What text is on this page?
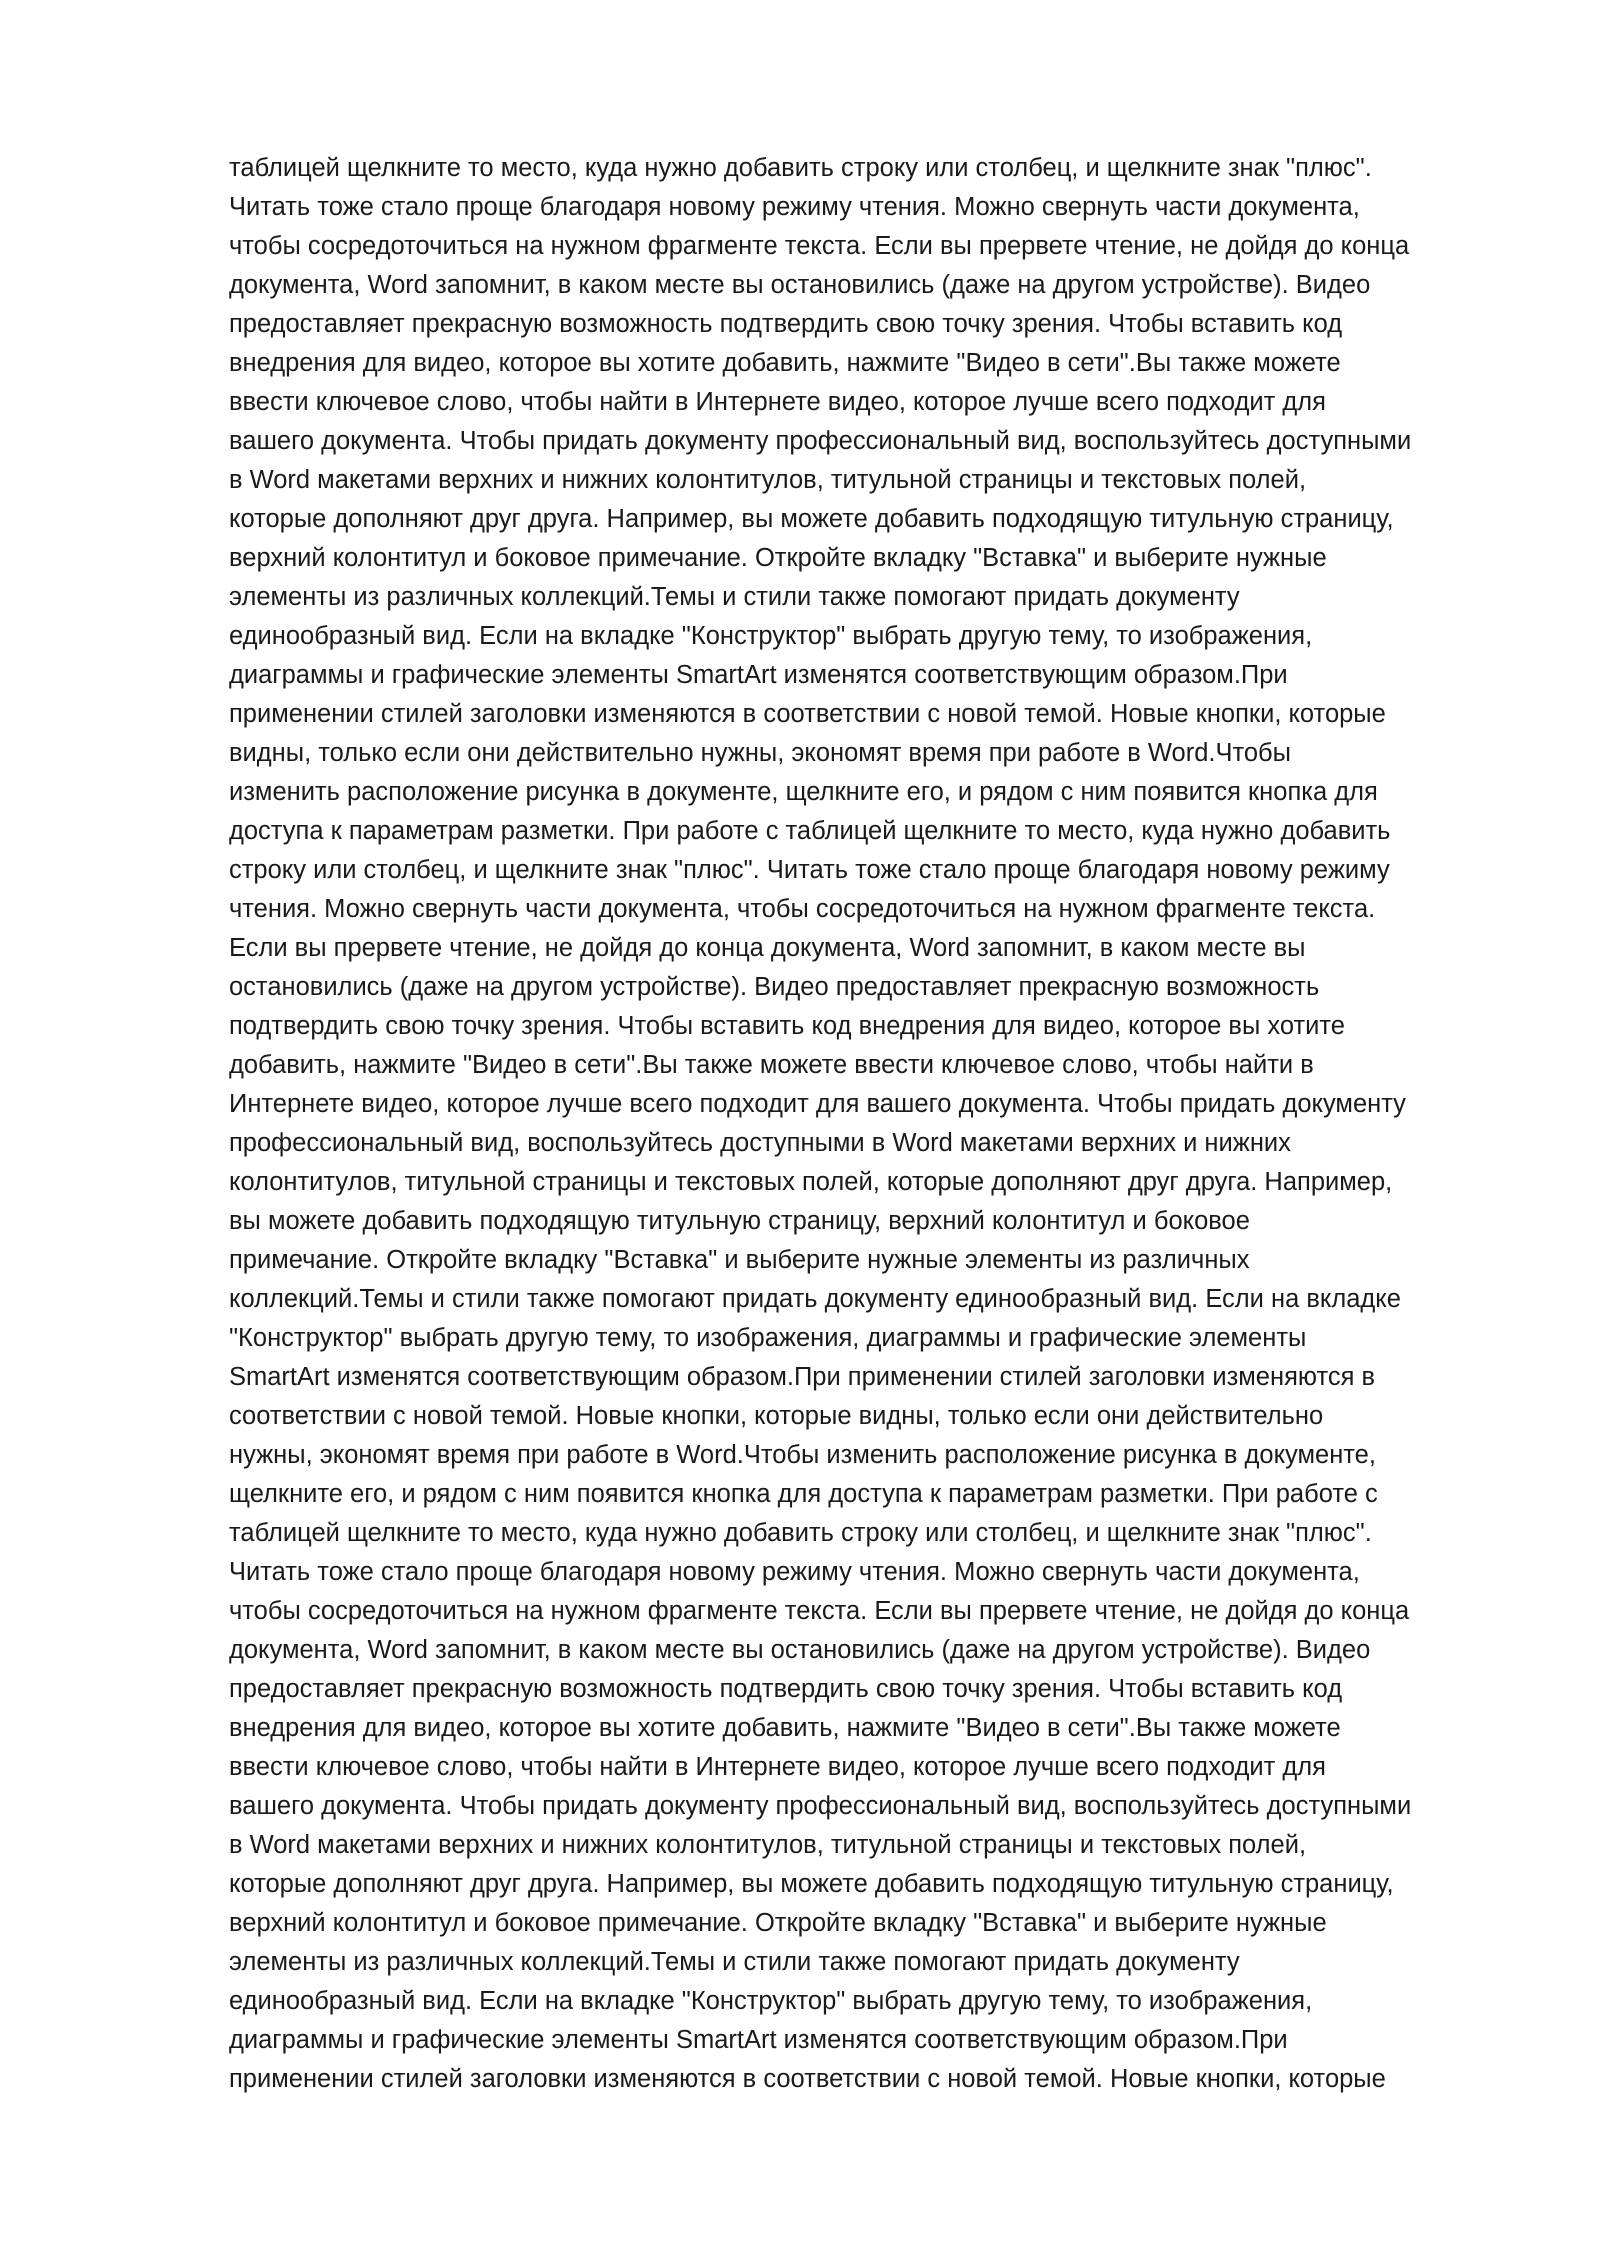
таблицей щелкните то место, куда нужно добавить строку или столбец, и щелкните знак "плюс".
Читать тоже стало проще благодаря новому режиму чтения. Можно свернуть части документа,
чтобы сосредоточиться на нужном фрагменте текста. Если вы прервете чтение, не дойдя до конца
документа, Word запомнит, в каком месте вы остановились (даже на другом устройстве). Видео
предоставляет прекрасную возможность подтвердить свою точку зрения. Чтобы вставить код
внедрения для видео, которое вы хотите добавить, нажмите "Видео в сети".Вы также можете
ввести ключевое слово, чтобы найти в Интернете видео, которое лучше всего подходит для
вашего документа. Чтобы придать документу профессиональный вид, воспользуйтесь доступными
в Word макетами верхних и нижних колонтитулов, титульной страницы и текстовых полей,
которые дополняют друг друга. Например, вы можете добавить подходящую титульную страницу,
верхний колонтитул и боковое примечание. Откройте вкладку "Вставка" и выберите нужные
элементы из различных коллекций.Темы и стили также помогают придать документу
единообразный вид. Если на вкладке "Конструктор" выбрать другую тему, то изображения,
диаграммы и графические элементы SmartArt изменятся соответствующим образом.При
применении стилей заголовки изменяются в соответствии с новой темой. Новые кнопки, которые
видны, только если они действительно нужны, экономят время при работе в Word.Чтобы
изменить расположение рисунка в документе, щелкните его, и рядом с ним появится кнопка для
доступа к параметрам разметки. При работе с таблицей щелкните то место, куда нужно добавить
строку или столбец, и щелкните знак "плюс". Читать тоже стало проще благодаря новому режиму
чтения. Можно свернуть части документа, чтобы сосредоточиться на нужном фрагменте текста.
Если вы прервете чтение, не дойдя до конца документа, Word запомнит, в каком месте вы
остановились (даже на другом устройстве). Видео предоставляет прекрасную возможность
подтвердить свою точку зрения. Чтобы вставить код внедрения для видео, которое вы хотите
добавить, нажмите "Видео в сети".Вы также можете ввести ключевое слово, чтобы найти в
Интернете видео, которое лучше всего подходит для вашего документа. Чтобы придать документу
профессиональный вид, воспользуйтесь доступными в Word макетами верхних и нижних
колонтитулов, титульной страницы и текстовых полей, которые дополняют друг друга. Например,
вы можете добавить подходящую титульную страницу, верхний колонтитул и боковое
примечание. Откройте вкладку "Вставка" и выберите нужные элементы из различных
коллекций.Темы и стили также помогают придать документу единообразный вид. Если на вкладке
"Конструктор" выбрать другую тему, то изображения, диаграммы и графические элементы
SmartArt изменятся соответствующим образом.При применении стилей заголовки изменяются в
соответствии с новой темой. Новые кнопки, которые видны, только если они действительно
нужны, экономят время при работе в Word.Чтобы изменить расположение рисунка в документе,
щелкните его, и рядом с ним появится кнопка для доступа к параметрам разметки. При работе с
таблицей щелкните то место, куда нужно добавить строку или столбец, и щелкните знак "плюс".
Читать тоже стало проще благодаря новому режиму чтения. Можно свернуть части документа,
чтобы сосредоточиться на нужном фрагменте текста. Если вы прервете чтение, не дойдя до конца
документа, Word запомнит, в каком месте вы остановились (даже на другом устройстве). Видео
предоставляет прекрасную возможность подтвердить свою точку зрения. Чтобы вставить код
внедрения для видео, которое вы хотите добавить, нажмите "Видео в сети".Вы также можете
ввести ключевое слово, чтобы найти в Интернете видео, которое лучше всего подходит для
вашего документа. Чтобы придать документу профессиональный вид, воспользуйтесь доступными
в Word макетами верхних и нижних колонтитулов, титульной страницы и текстовых полей,
которые дополняют друг друга. Например, вы можете добавить подходящую титульную страницу,
верхний колонтитул и боковое примечание. Откройте вкладку "Вставка" и выберите нужные
элементы из различных коллекций.Темы и стили также помогают придать документу
единообразный вид. Если на вкладке "Конструктор" выбрать другую тему, то изображения,
диаграммы и графические элементы SmartArt изменятся соответствующим образом.При
применении стилей заголовки изменяются в соответствии с новой темой. Новые кнопки, которые
